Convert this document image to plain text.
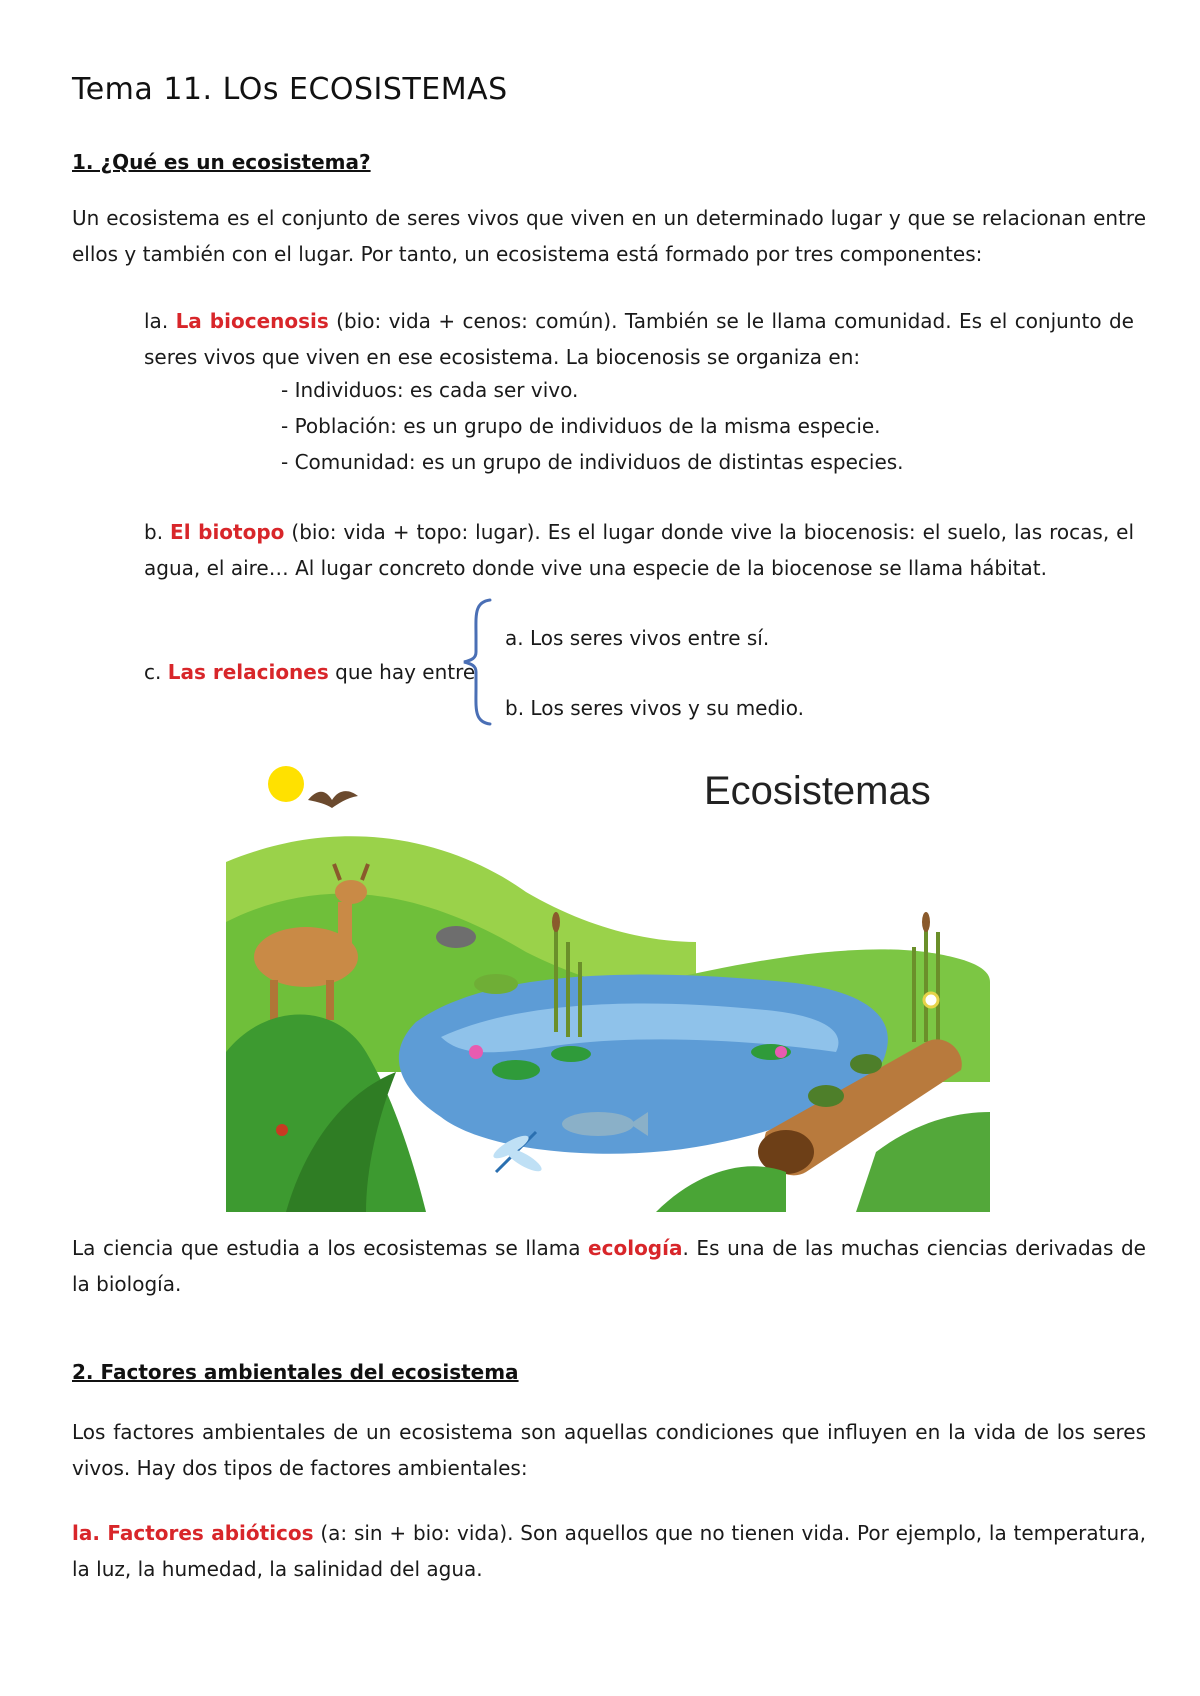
Tema 11. LOs ECOSISTEMAS
1. ¿Qué es un ecosistema?

Un ecosistema es el conjunto de seres vivos que viven en un determinado lugar y que se relacionan entre ellos y también con el lugar. Por tanto, un ecosistema está formado por tres componentes:

la. La biocenosis (bio: vida + cenos: común). También se le llama comunidad. Es el conjunto de seres vivos que viven en ese ecosistema. La biocenosis se organiza en:

- Individuos: es cada ser vivo.
- Población: es un grupo de individuos de la misma especie.
- Comunidad: es un grupo de individuos de distintas especies.

b. El biotopo (bio: vida + topo: lugar). Es el lugar donde vive la biocenosis: el suelo, las rocas, el agua, el aire… Al lugar concreto donde vive una especie de la biocenose se llama hábitat.

c. Las relaciones que hay entre
a. Los seres vivos entre sí.
b. Los seres vivos y su medio.
Ecosistemas

La ciencia que estudia a los ecosistemas se llama ecología. Es una de las muchas ciencias derivadas de la biología.

2. Factores ambientales del ecosistema

Los factores ambientales de un ecosistema son aquellas condiciones que influyen en la vida de los seres vivos. Hay dos tipos de factores ambientales:

la. Factores abióticos (a: sin + bio: vida). Son aquellos que no tienen vida. Por ejemplo, la temperatura, la luz, la humedad, la salinidad del agua.
